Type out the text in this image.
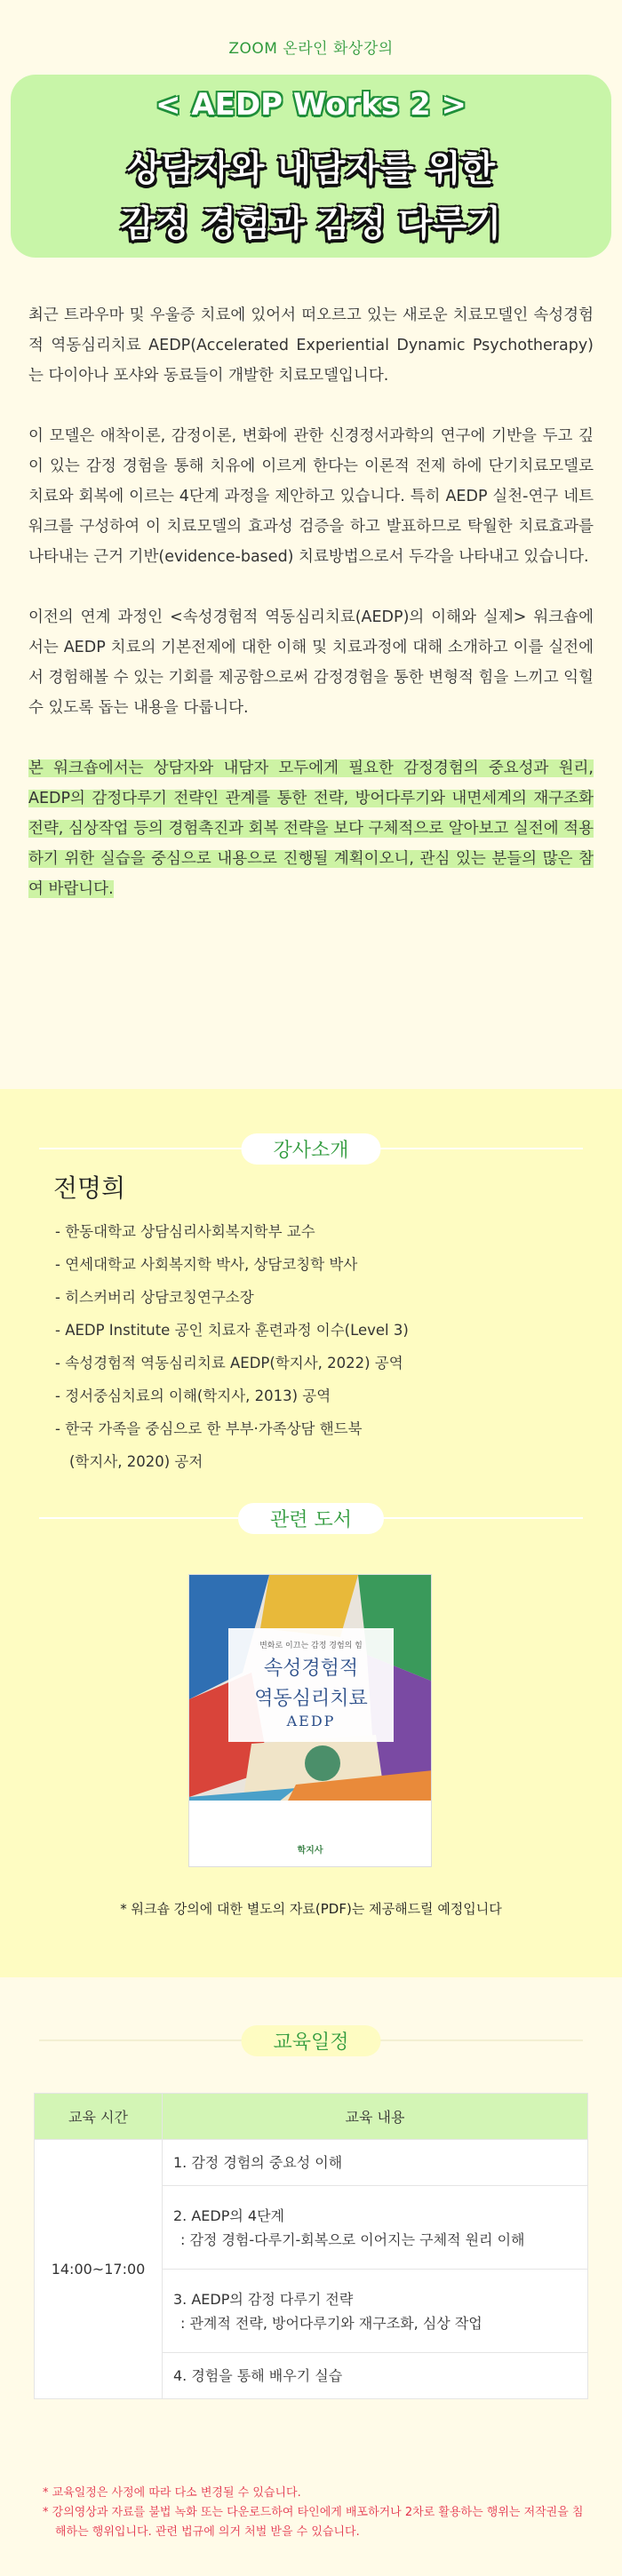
ZOOM 온라인 화상강의
< AEDP Works 2 >
상담자와 내담자를 위한
감정 경험과 감정 다루기

최근 트라우마 및 우울증 치료에 있어서 떠오르고 있는 새로운 치료모델인 속성경험적 역동심리치료 AEDP(Accelerated Experiential Dynamic Psychotherapy)는 다이아나 포샤와 동료들이 개발한 치료모델입니다.

이 모델은 애착이론, 감정이론, 변화에 관한 신경정서과학의 연구에 기반을 두고 깊이 있는 감정 경험을 통해 치유에 이르게 한다는 이론적 전제 하에 단기치료모델로 치료와 회복에 이르는 4단계 과정을 제안하고 있습니다. 특히 AEDP 실천-연구 네트워크를 구성하여 이 치료모델의 효과성 검증을 하고 발표하므로 탁월한 치료효과를 나타내는 근거 기반(evidence-based) 치료방법으로서 두각을 나타내고 있습니다.

이전의 연계 과정인 <속성경험적 역동심리치료(AEDP)의 이해와 실제> 워크숍에서는 AEDP 치료의 기본전제에 대한 이해 및 치료과정에 대해 소개하고 이를 실전에서 경험해볼 수 있는 기회를 제공함으로써 감정경험을 통한 변형적 힘을 느끼고 익힐 수 있도록 돕는 내용을 다룹니다.

본 워크숍에서는 상담자와 내담자 모두에게 필요한 감정경험의 중요성과 원리, AEDP의 감정다루기 전략인 관계를 통한 전략, 방어다루기와 내면세계의 재구조화 전략, 심상작업 등의 경험촉진과 회복 전략을 보다 구체적으로 알아보고 실전에 적용하기 위한 실습을 중심으로 내용으로 진행될 계획이오니, 관심 있는 분들의 많은 참여 바랍니다.

강사소개
전명희
- 한동대학교 상담심리사회복지학부 교수
- 연세대학교 사회복지학 박사, 상담코칭학 박사
- 히스커버리 상담코칭연구소장
- AEDP Institute 공인 치료자 훈련과정 이수(Level 3)
- 속성경험적 역동심리치료 AEDP(학지사, 2022) 공역
- 정서중심치료의 이해(학지사, 2013) 공역
- 한국 가족을 중심으로 한 부부·가족상담 핸드북
(학지사, 2020) 공저
관련 도서
변화로 이끄는 감정 경험의 힘
속성경험적
역동심리치료
AEDP
학지사
* 워크숍 강의에 대한 별도의 자료(PDF)는 제공해드릴 예정입니다
교육일정
교육 시간	교육 내용
14:00~17:00	1. 감정 경험의 중요성 이해
	2. AEDP의 4단계
: 감정 경험-다루기-회복으로 이어지는 구체적 원리 이해

	3. AEDP의 감정 다루기 전략
: 관계적 전략, 방어다루기와 재구조화, 심상 작업

	4. 경험을 통해 배우기 실습
* 교육일정은 사정에 따라 다소 변경될 수 있습니다.
* 강의영상과 자료를 불법 녹화 또는 다운로드하여 타인에게 배포하거나 2차로 활용하는 행위는 저작권을 침해하는 행위입니다. 관련 법규에 의거 처벌 받을 수 있습니다.
